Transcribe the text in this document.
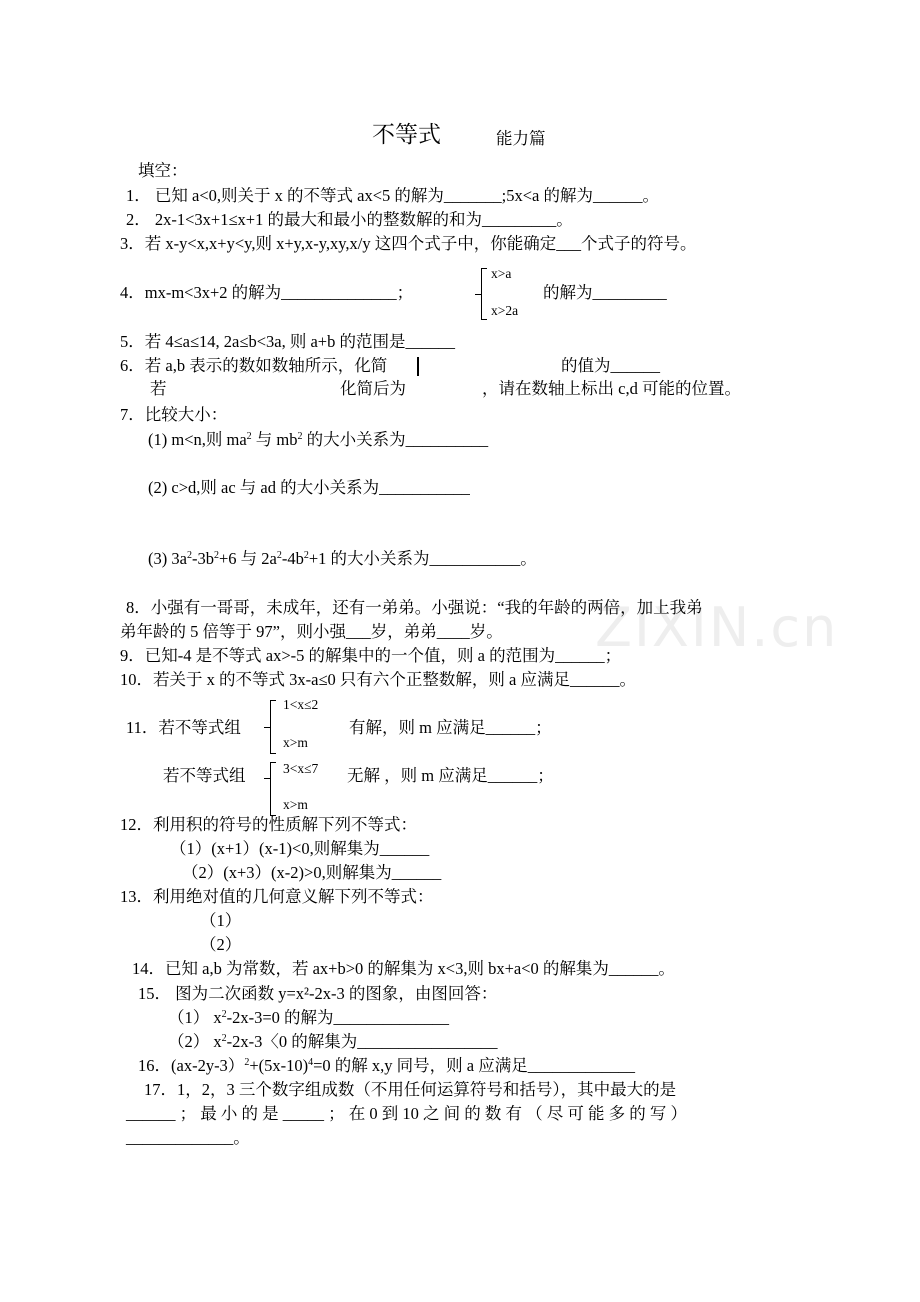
ZIXIN.cn
不等式	能力篇
填空：
1． 已知 a<0,则关于 x 的不等式 ax<5 的解为_______;5x<a 的解为______。
2． 2x-1<3x+1≤x+1 的最大和最小的整数解的和为_________。
3．若 x-y<x,x+y<y,则 x+y,x-y,xy,x/y 这四个式子中，你能确定___个式子的符号。
4．mx-m<3x+2 的解为______________；
x>a
x>2a
的解为_________
5．若 4≤a≤14, 2a≤b<3a, 则 a+b 的范围是______
6．若 a,b 表示的数如数轴所示，化简	的值为______
若	化简后为	，请在数轴上标出 c,d 可能的位置。
7．比较大小：
(1) m<n,则 $ma^2$ 与 $mb^2$ 的大小关系为__________
(2) c>d,则 ac 与 ad 的大小关系为___________
(3) $3a^2-3b^2+6$ 与 $2a^2-4b^2+1$ 的大小关系为___________。
8．小强有一哥哥，未成年，还有一弟弟。小强说：“我的年龄的两倍，加上我弟
弟年龄的 5 倍等于 97”，则小强___岁，弟弟____岁。
9．已知-4 是不等式 ax>-5 的解集中的一个值，则 a 的范围为______；
10．若关于 x 的不等式 3x-a≤0 只有六个正整数解，则 a 应满足______。
11．若不等式组
1<x≤2
x>m
有解，则 m 应满足______；
若不等式组	3<x≤7
x>m
无解 ，则 m 应满足______；
12．利用积的符号的性质解下列不等式：
（1）(x+1）(x-1)<0,则解集为______
（2）(x+3）(x-2)>0,则解集为______
13．利用绝对值的几何意义解下列不等式：
（1）
（2）
14．已知 a,b 为常数，若 ax+b>0 的解集为 x<3,则 bx+a<0 的解集为______。
15． 图为二次函数 y=x²-2x-3 的图象，由图回答：
（1） $x^2-2x-3=0$ 的解为______________
（2） $x^2-2x-3$〈0 的解集为_________________
16．$(ax-2y-3)^2+(5x-10)^4=0$ 的解 x,y 同号，则 a 应满足_____________
17．1，2，3 三个数字组成数（不用任何运算符号和括号），其中最大的是
______ ； 最 小 的 是 _____ ； 在 0 到 10 之 间 的 数 有 （ 尽 可 能 多 的 写 ）
_____________。
